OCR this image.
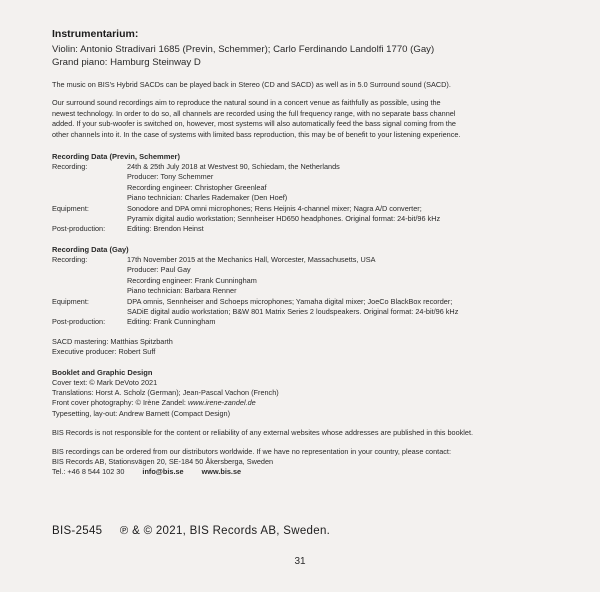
Instrumentarium:

Violin: Antonio Stradivari 1685 (Previn, Schemmer); Carlo Ferdinando Landolfi 1770 (Gay)

Grand piano: Hamburg Steinway D

The music on BIS's Hybrid SACDs can be played back in Stereo (CD and SACD) as well as in 5.0 Surround sound (SACD).

Our surround sound recordings aim to reproduce the natural sound in a concert venue as faithfully as possible, using the
newest technology. In order to do so, all channels are recorded using the full frequency range, with no separate bass channel
added. If your sub-woofer is switched on, however, most systems will also automatically feed the bass signal coming from the
other channels into it. In the case of systems with limited bass reproduction, this may be of benefit to your listening experience.

Recording Data (Previn, Schemmer)

Recording:	24th & 25th July 2018 at Westvest 90, Schiedam, the Netherlands
Producer: Tony Schemmer
Recording engineer: Christopher Greenleaf
Piano technician: Charles Rademaker (Den Hoef)
Equipment:	Sonodore and DPA omni microphones; Rens Heijnis 4-channel mixer; Nagra A/D converter;
Pyramix digital audio workstation; Sennheiser HD650 headphones. Original format: 24-bit/96 kHz
Post-production:	Editing: Brendon Heinst

Recording Data (Gay)

Recording:	17th November 2015 at the Mechanics Hall, Worcester, Massachusetts, USA
Producer: Paul Gay
Recording engineer: Frank Cunningham
Piano technician: Barbara Renner
Equipment:	DPA omnis, Sennheiser and Schoeps microphones; Yamaha digital mixer; JoeCo BlackBox recorder;
SADiE digital audio workstation; B&W 801 Matrix Series 2 loudspeakers. Original format: 24-bit/96 kHz
Post-production:	Editing: Frank Cunningham
SACD mastering: Matthias Spitzbarth
Executive producer: Robert Suff

Booklet and Graphic Design

Cover text: © Mark DeVoto 2021
Translations: Horst A. Scholz (German); Jean-Pascal Vachon (French)
Front cover photography: © Irène Zandel: www.irene-zandel.de
Typesetting, lay-out: Andrew Barnett (Compact Design)

BIS Records is not responsible for the content or reliability of any external websites whose addresses are published in this booklet.

BIS recordings can be ordered from our distributors worldwide. If we have no representation in your country, please contact:
BIS Records AB, Stationsvägen 20, SE-184 50 Åkersberga, Sweden
Tel.: +46 8 544 102 30 info@bis.se www.bis.se
BIS-2545 ℗ & © 2021, BIS Records AB, Sweden.
31
